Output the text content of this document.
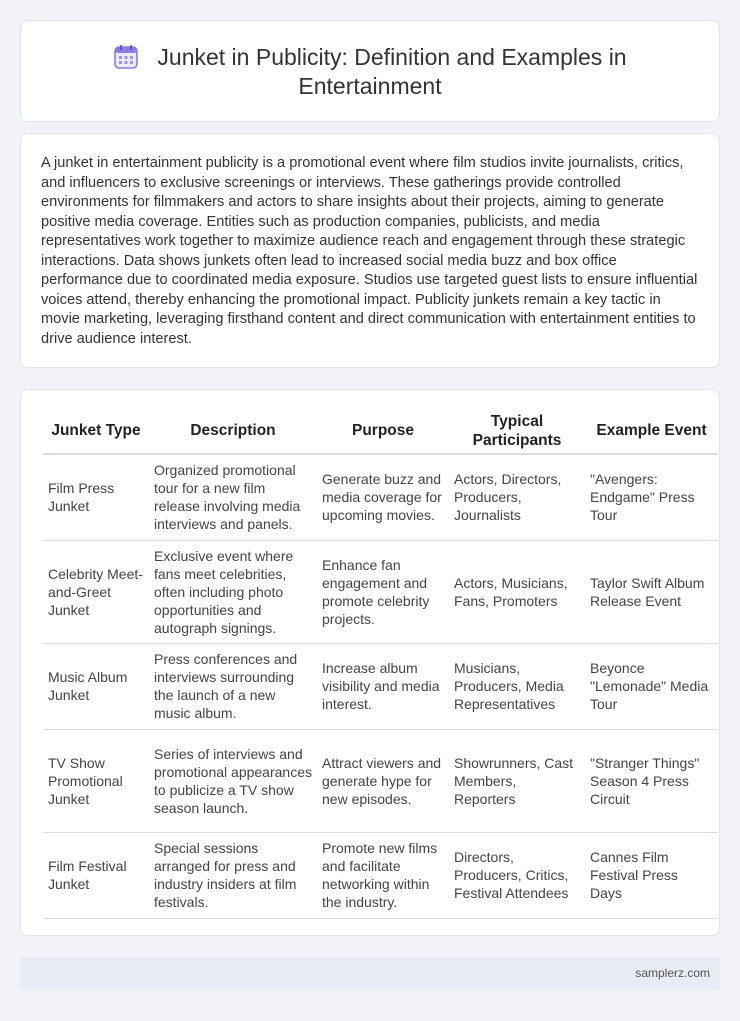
Junket in Publicity: Definition and Examples in
Entertainment

A junket in entertainment publicity is a promotional event where film studios invite journalists, critics, and influencers to exclusive screenings or interviews. These gatherings provide controlled environments for filmmakers and actors to share insights about their projects, aiming to generate positive media coverage. Entities such as production companies, publicists, and media representatives work together to maximize audience reach and engagement through these strategic interactions. Data shows junkets often lead to increased social media buzz and box office performance due to coordinated media exposure. Studios use targeted guest lists to ensure influential voices attend, thereby enhancing the promotional impact. Publicity junkets remain a key tactic in movie marketing, leveraging firsthand content and direct communication with entertainment entities to drive audience interest.

Junket Type	Description	Purpose	Typical Participants	Example Event
Film Press Junket	Organized promotional tour for a new film release involving media interviews and panels.	Generate buzz and media coverage for upcoming movies.	Actors, Directors, Producers, Journalists	"Avengers: Endgame" Press Tour
Celebrity Meet-and-Greet Junket	Exclusive event where fans meet celebrities, often including photo opportunities and autograph signings.	Enhance fan engagement and promote celebrity projects.	Actors, Musicians, Fans, Promoters	Taylor Swift Album Release Event
Music Album Junket	Press conferences and interviews surrounding the launch of a new music album.	Increase album visibility and media interest.	Musicians, Producers, Media Representatives	Beyonce "Lemonade" Media Tour
TV Show Promotional Junket	Series of interviews and promotional appearances to publicize a TV show season launch.	Attract viewers and generate hype for new episodes.	Showrunners, Cast Members, Reporters	"Stranger Things" Season 4 Press Circuit
Film Festival Junket	Special sessions arranged for press and industry insiders at film festivals.	Promote new films and facilitate networking within the industry.	Directors, Producers, Critics, Festival Attendees	Cannes Film Festival Press Days
samplerz.com
